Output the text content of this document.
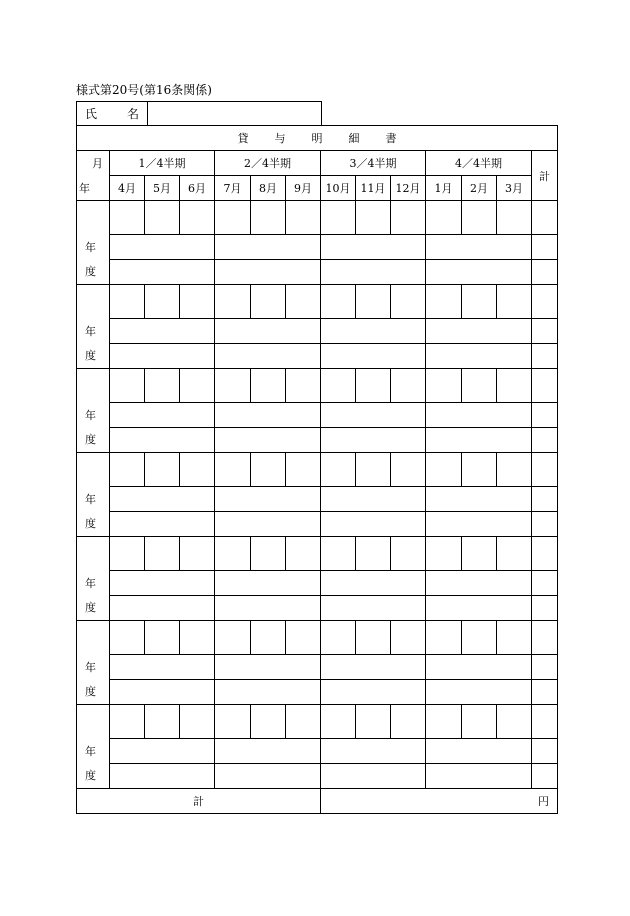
様式第20号(第16条関係)
氏名

貸与明細書													

月
年	1／4半期			2／4半期			3／4半期			4／4半期			計
	4月	5月	6月	7月	8月	9月	10月	11月	12月	1月	2月	3月	

年
度													

年
度													

年
度													

年
度													

年
度													

年
度													

年
度													

計							円						
